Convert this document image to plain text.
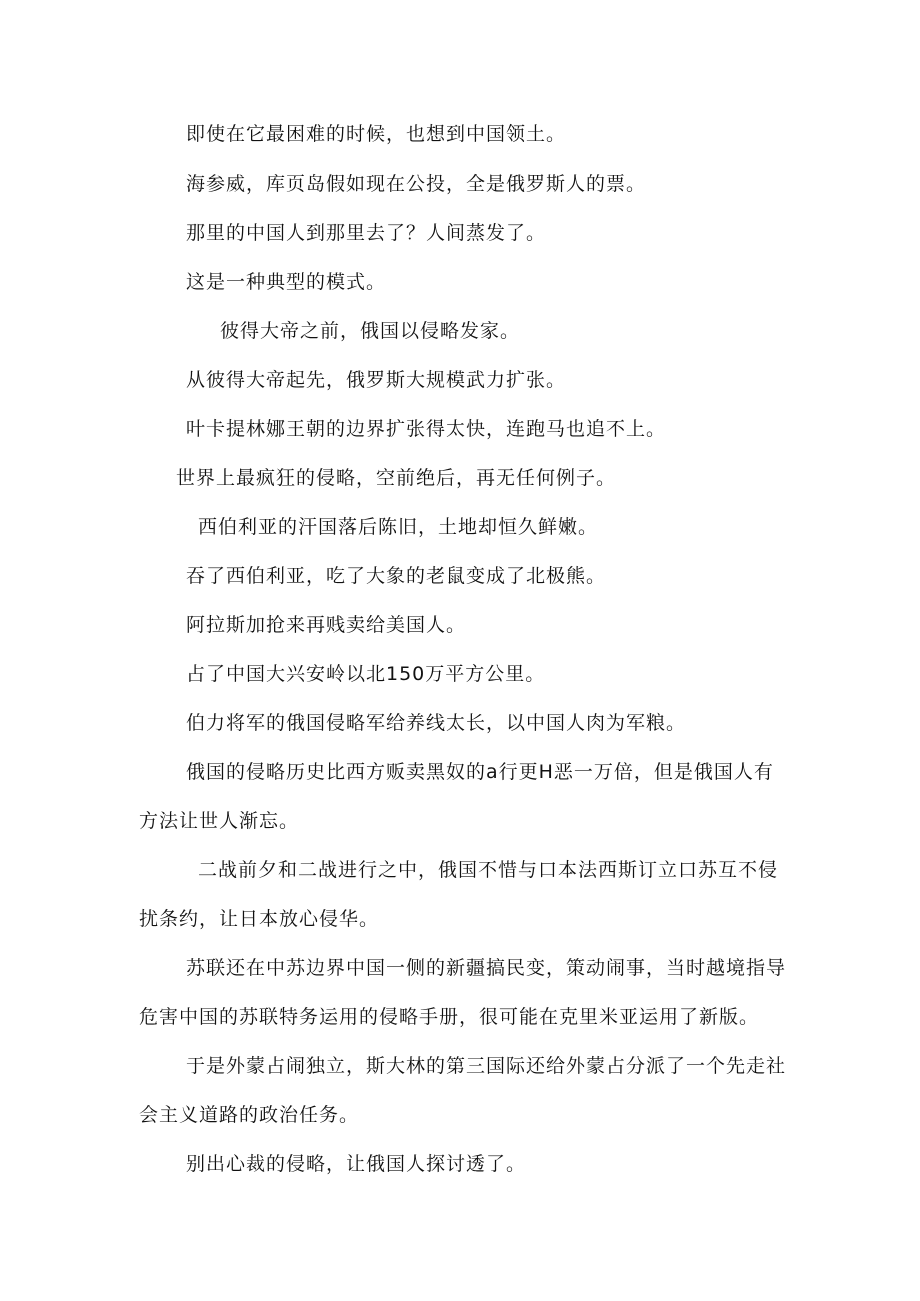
即使在它最困难的时候，也想到中国领土。
海参威，库页岛假如现在公投，全是俄罗斯人的票。
那里的中国人到那里去了？人间蒸发了。
这是一种典型的模式。
彼得大帝之前，俄国以侵略发家。
从彼得大帝起先，俄罗斯大规模武力扩张。
叶卡提林娜王朝的边界扩张得太快，连跑马也追不上。
世界上最疯狂的侵略，空前绝后，再无任何例子。
西伯利亚的汗国落后陈旧，土地却恒久鲜嫩。
吞了西伯利亚，吃了大象的老鼠变成了北极熊。
阿拉斯加抢来再贱卖给美国人。
占了中国大兴安岭以北150万平方公里。
伯力将军的俄国侵略军给养线太长，以中国人肉为军粮。
俄国的侵略历史比西方贩卖黑奴的a行更H恶一万倍，但是俄国人有
方法让世人渐忘。
二战前夕和二战进行之中，俄国不惜与口本法西斯订立口苏互不侵
扰条约，让日本放心侵华。
苏联还在中苏边界中国一侧的新疆搞民变，策动闹事，当时越境指导
危害中国的苏联特务运用的侵略手册，很可能在克里米亚运用了新版。
于是外蒙占闹独立，斯大林的第三国际还给外蒙占分派了一个先走社
会主义道路的政治任务。
别出心裁的侵略，让俄国人探讨透了。
